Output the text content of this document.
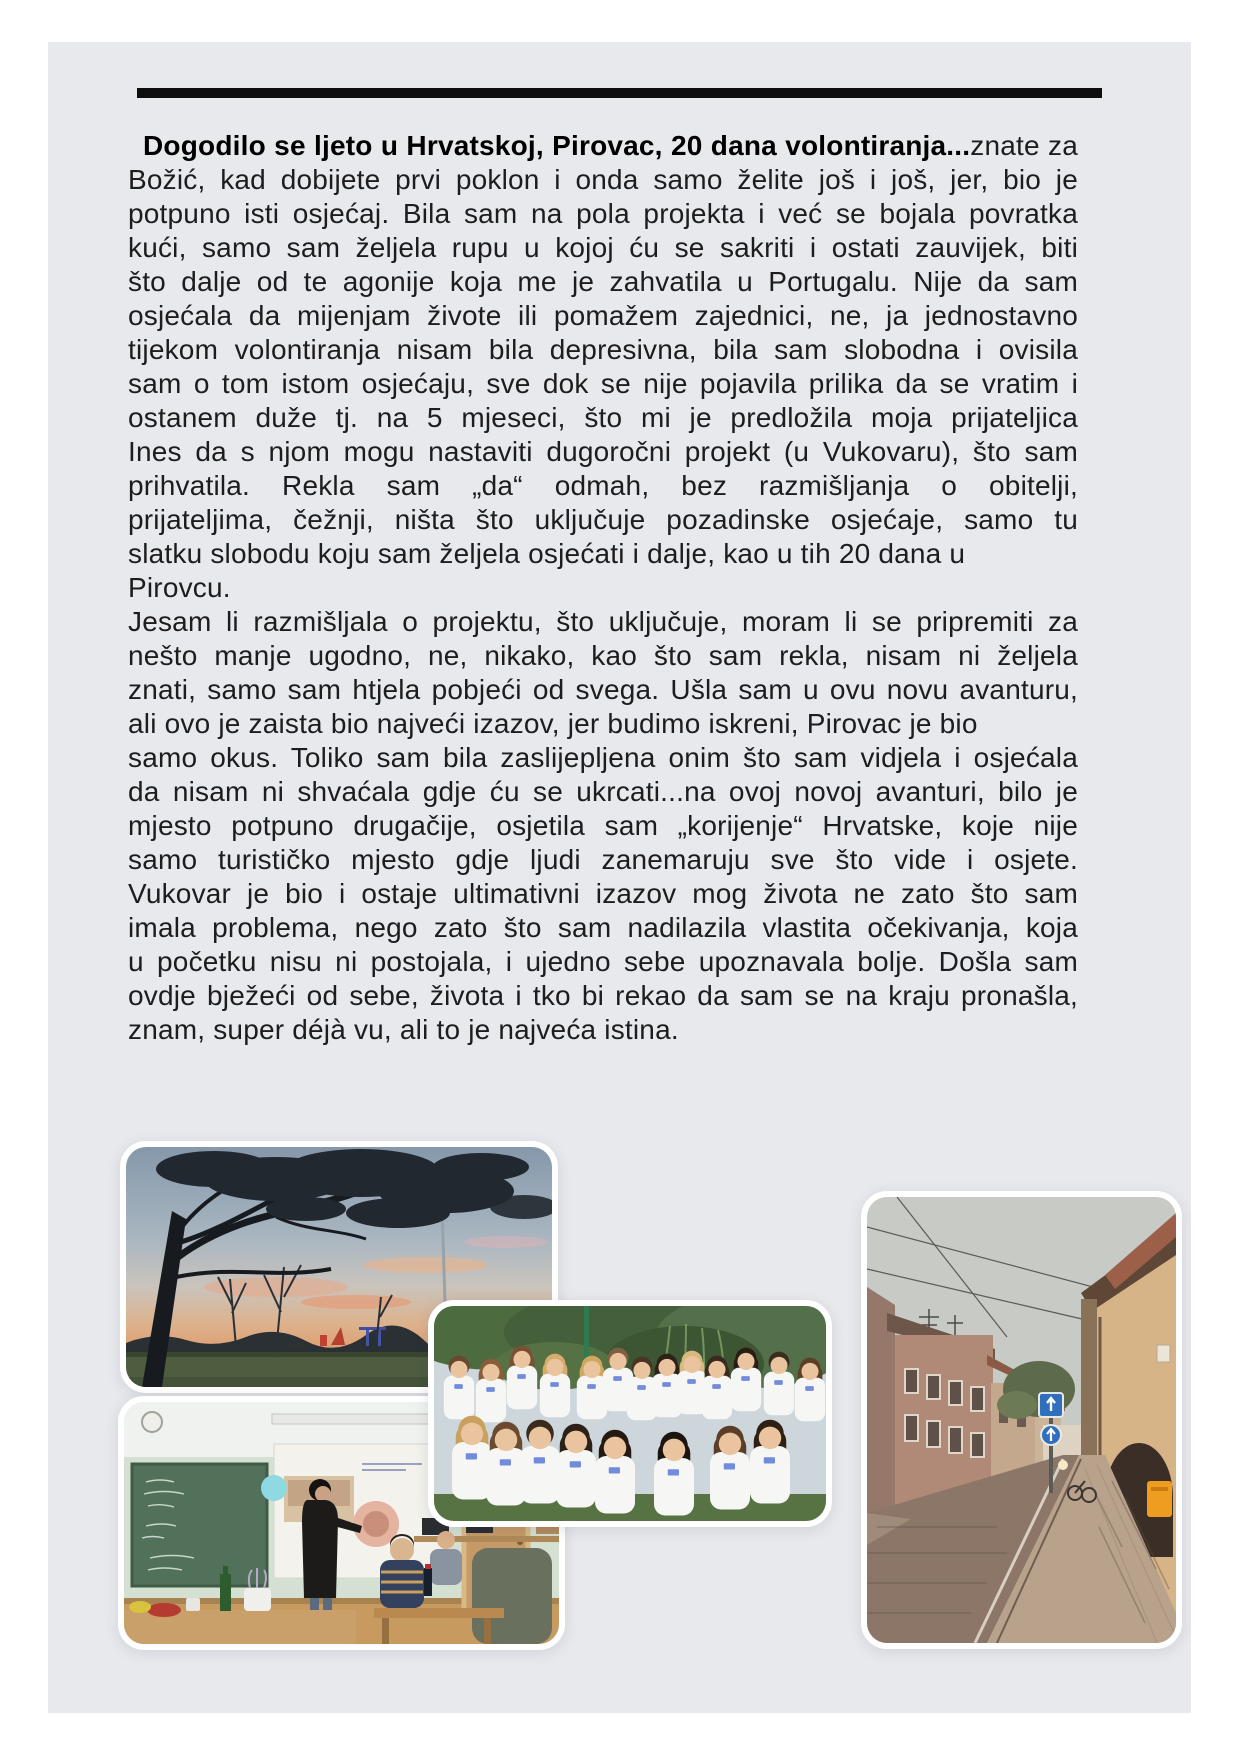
Dogodilo se ljeto u Hrvatskoj, Pirovac, 20 dana volontiranja...znate za
Božić, kad dobijete prvi poklon i onda samo želite još i još, jer, bio je
potpuno isti osjećaj. Bila sam na pola projekta i već se bojala povratka
kući, samo sam željela rupu u kojoj ću se sakriti i ostati zauvijek, biti
što dalje od te agonije koja me je zahvatila u Portugalu. Nije da sam
osjećala da mijenjam živote ili pomažem zajednici, ne, ja jednostavno
tijekom volontiranja nisam bila depresivna, bila sam slobodna i ovisila
sam o tom istom osjećaju, sve dok se nije pojavila prilika da se vratim i
ostanem duže tj. na 5 mjeseci, što mi je predložila moja prijateljica
Ines da s njom mogu nastaviti dugoročni projekt (u Vukovaru), što sam
prihvatila. Rekla sam „da“ odmah, bez razmišljanja o obitelji,
prijateljima, čežnji, ništa što uključuje pozadinske osjećaje, samo tu
slatku slobodu koju sam željela osjećati i dalje, kao u tih 20 dana u
Pirovcu.
Jesam li razmišljala o projektu, što uključuje, moram li se pripremiti za
nešto manje ugodno, ne, nikako, kao što sam rekla, nisam ni željela
znati, samo sam htjela pobjeći od svega. Ušla sam u ovu novu avanturu,
ali ovo je zaista bio najveći izazov, jer budimo iskreni, Pirovac je bio
samo okus. Toliko sam bila zaslijepljena onim što sam vidjela i osjećala
da nisam ni shvaćala gdje ću se ukrcati...na ovoj novoj avanturi, bilo je
mjesto potpuno drugačije, osjetila sam „korijenje“ Hrvatske, koje nije
samo turističko mjesto gdje ljudi zanemaruju sve što vide i osjete.
Vukovar je bio i ostaje ultimativni izazov mog života ne zato što sam
imala problema, nego zato što sam nadilazila vlastita očekivanja, koja
u početku nisu ni postojala, i ujedno sebe upoznavala bolje. Došla sam
ovdje bježeći od sebe, života i tko bi rekao da sam se na kraju pronašla,
znam, super déjà vu, ali to je najveća istina.
